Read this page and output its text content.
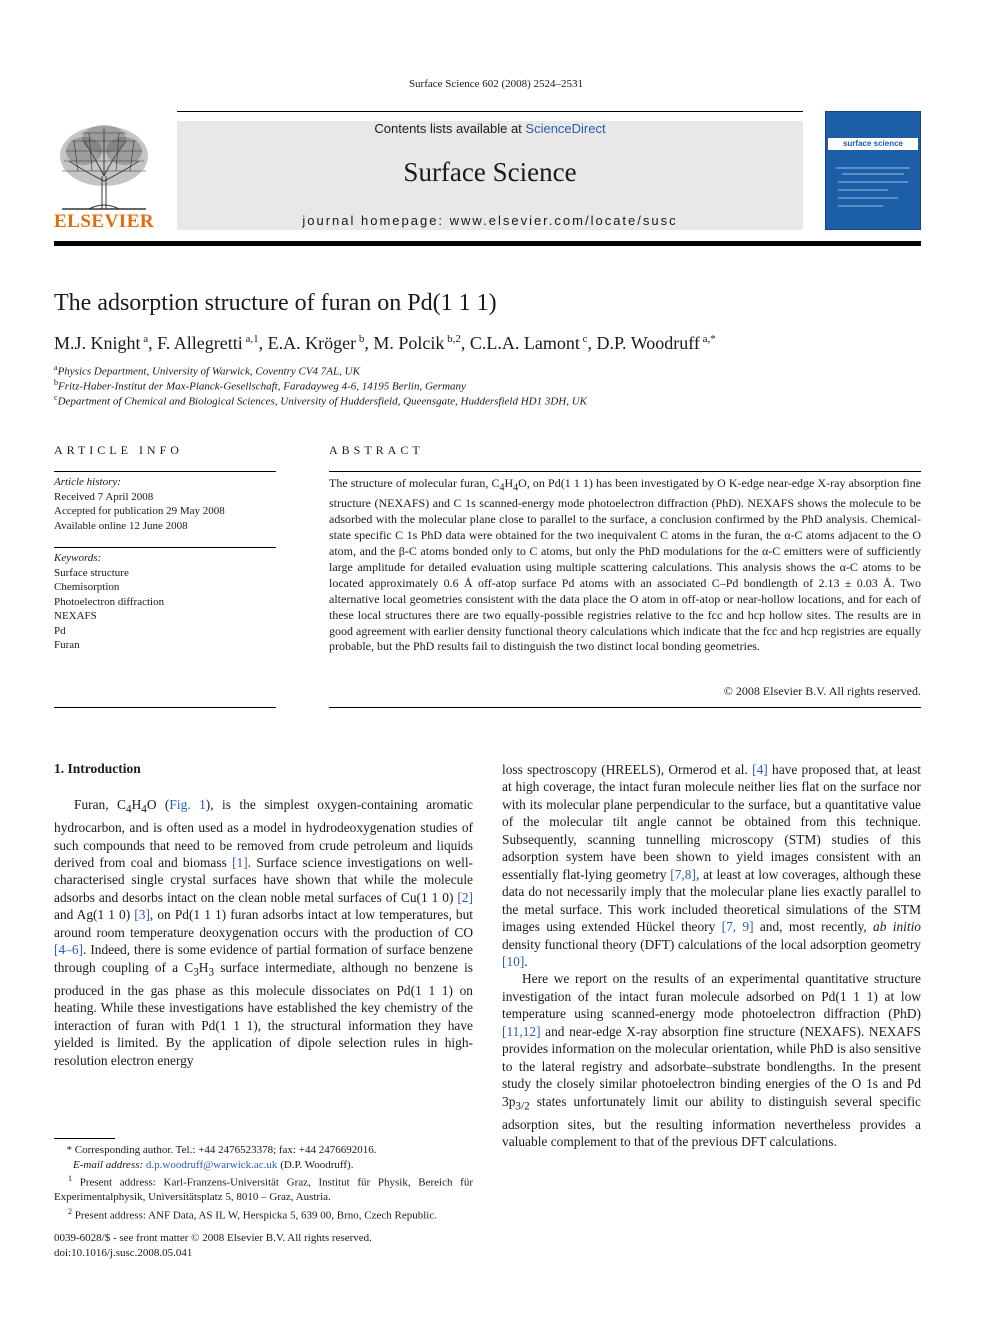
Surface Science 602 (2008) 2524–2531
Contents lists available at ScienceDirect
Surface Science
journal homepage: www.elsevier.com/locate/susc
ELSEVIER
surface science
The adsorption structure of furan on Pd(1 1 1)
M.J. Knight $^a$, F. Allegretti $^{a,1}$, E.A. Kröger $^b$, M. Polcik $^{b,2}$, C.L.A. Lamont $^c$, D.P. Woodruff $^{a,*}$
$^a$Physics Department, University of Warwick, Coventry CV4 7AL, UK
$^b$Fritz-Haber-Institut der Max-Planck-Gesellschaft, Faradayweg 4-6, 14195 Berlin, Germany
$^c$Department of Chemical and Biological Sciences, University of Huddersfield, Queensgate, Huddersfield HD1 3DH, UK
ARTICLE INFO
Article history:
Received 7 April 2008
Accepted for publication 29 May 2008
Available online 12 June 2008
Keywords:
Surface structure
Chemisorption
Photoelectron diffraction
NEXAFS
Pd
Furan
ABSTRACT

The structure of molecular furan, $C_4H_4O$, on Pd(1 1 1) has been investigated by O K-edge near-edge X-ray absorption fine structure (NEXAFS) and C 1s scanned-energy mode photoelectron diffraction (PhD). NEXAFS shows the molecule to be adsorbed with the molecular plane close to parallel to the surface, a conclusion confirmed by the PhD analysis. Chemical-state specific C 1s PhD data were obtained for the two inequivalent C atoms in the furan, the α-C atoms adjacent to the O atom, and the β-C atoms bonded only to C atoms, but only the PhD modulations for the α-C emitters were of sufficiently large amplitude for detailed evaluation using multiple scattering calculations. This analysis shows the α-C atoms to be located approximately 0.6 Å off-atop surface Pd atoms with an associated C–Pd bondlength of 2.13 ± 0.03 Å. Two alternative local geometries consistent with the data place the O atom in off-atop or near-hollow locations, and for each of these local structures there are two equally-possible registries relative to the fcc and hcp hollow sites. The results are in good agreement with earlier density functional theory calculations which indicate that the fcc and hcp registries are equally probable, but the PhD results fail to distinguish the two distinct local bonding geometries.

© 2008 Elsevier B.V. All rights reserved.
1. Introduction

Furan, $C_4H_4O$ (Fig. 1), is the simplest oxygen-containing aromatic hydrocarbon, and is often used as a model in hydrodeoxygenation studies of such compounds that need to be removed from crude petroleum and liquids derived from coal and biomass [1]. Surface science investigations on well-characterised single crystal surfaces have shown that while the molecule adsorbs and desorbs intact on the clean noble metal surfaces of Cu(1 1 0) [2] and Ag(1 1 0) [3], on Pd(1 1 1) furan adsorbs intact at low temperatures, but around room temperature deoxygenation occurs with the production of CO [4–6]. Indeed, there is some evidence of partial formation of surface benzene through coupling of a $C_3H_3$ surface intermediate, although no benzene is produced in the gas phase as this molecule dissociates on Pd(1 1 1) on heating. While these investigations have established the key chemistry of the interaction of furan with Pd(1 1 1), the structural information they have yielded is limited. By the application of dipole selection rules in high-resolution electron energy

* Corresponding author. Tel.: +44 2476523378; fax: +44 2476692016.
E-mail address: d.p.woodruff@warwick.ac.uk (D.P. Woodruff).
1 Present address: Karl-Franzens-Universität Graz, Institut für Physik, Bereich für Experimentalphysik, Universitätsplatz 5, 8010 – Graz, Austria.
2 Present address: ANF Data, AS IL W, Herspicka 5, 639 00, Brno, Czech Republic.
0039-6028/$ - see front matter © 2008 Elsevier B.V. All rights reserved.
doi:10.1016/j.susc.2008.05.041

loss spectroscopy (HREELS), Ormerod et al. [4] have proposed that, at least at high coverage, the intact furan molecule neither lies flat on the surface nor with its molecular plane perpendicular to the surface, but a quantitative value of the molecular tilt angle cannot be obtained from this technique. Subsequently, scanning tunnelling microscopy (STM) studies of this adsorption system have been shown to yield images consistent with an essentially flat-lying geometry [7,8], at least at low coverages, although these data do not necessarily imply that the molecular plane lies exactly parallel to the metal surface. This work included theoretical simulations of the STM images using extended Hückel theory [7, 9] and, most recently, ab initio density functional theory (DFT) calculations of the local adsorption geometry [10].

Here we report on the results of an experimental quantitative structure investigation of the intact furan molecule adsorbed on Pd(1 1 1) at low temperature using scanned-energy mode photoelectron diffraction (PhD) [11,12] and near-edge X-ray absorption fine structure (NEXAFS). NEXAFS provides information on the molecular orientation, while PhD is also sensitive to the lateral registry and adsorbate–substrate bondlengths. In the present study the closely similar photoelectron binding energies of the O 1s and Pd $3p_{3/2}$ states unfortunately limit our ability to distinguish several specific adsorption sites, but the resulting information nevertheless provides a valuable complement to that of the previous DFT calculations.
